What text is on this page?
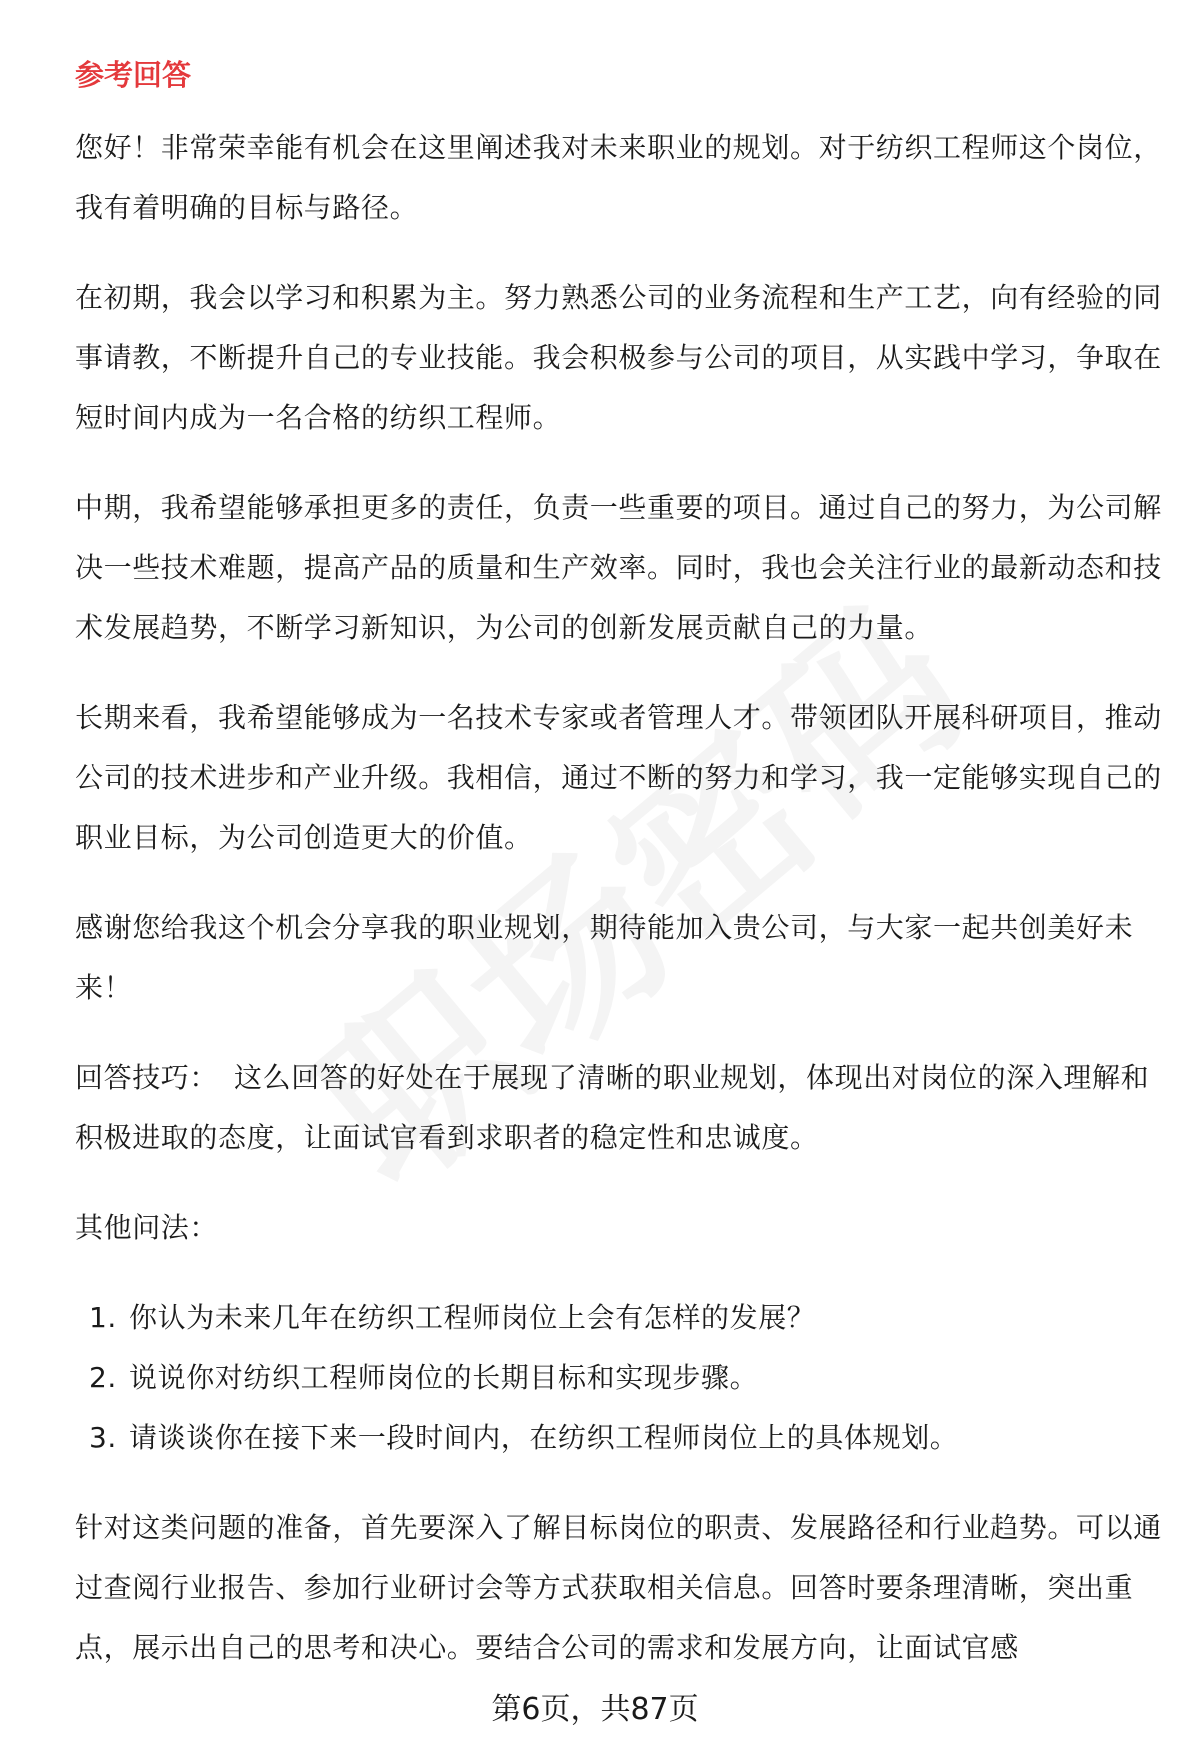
参考回答

您好！非常荣幸能有机会在这里阐述我对未来职业的规划。对于纺织工程师这个岗位，我有着明确的目标与路径。

在初期，我会以学习和积累为主。努力熟悉公司的业务流程和生产工艺，向有经验的同事请教，不断提升自己的专业技能。我会积极参与公司的项目，从实践中学习，争取在短时间内成为一名合格的纺织工程师。

中期，我希望能够承担更多的责任，负责一些重要的项目。通过自己的努力，为公司解决一些技术难题，提高产品的质量和生产效率。同时，我也会关注行业的最新动态和技术发展趋势，不断学习新知识，为公司的创新发展贡献自己的力量。

长期来看，我希望能够成为一名技术专家或者管理人才。带领团队开展科研项目，推动公司的技术进步和产业升级。我相信，通过不断的努力和学习，我一定能够实现自己的职业目标，为公司创造更大的价值。

感谢您给我这个机会分享我的职业规划，期待能加入贵公司，与大家一起共创美好未来！

回答技巧： 这么回答的好处在于展现了清晰的职业规划，体现出对岗位的深入理解和积极进取的态度，让面试官看到求职者的稳定性和忠诚度。

其他问法：

1. 你认为未来几年在纺织工程师岗位上会有怎样的发展？
2. 说说你对纺织工程师岗位的长期目标和实现步骤。
3. 请谈谈你在接下来一段时间内，在纺织工程师岗位上的具体规划。

针对这类问题的准备，首先要深入了解目标岗位的职责、发展路径和行业趋势。可以通过查阅行业报告、参加行业研讨会等方式获取相关信息。回答时要条理清晰，突出重点，展示出自己的思考和决心。要结合公司的需求和发展方向，让面试官感

第6页，共87页
